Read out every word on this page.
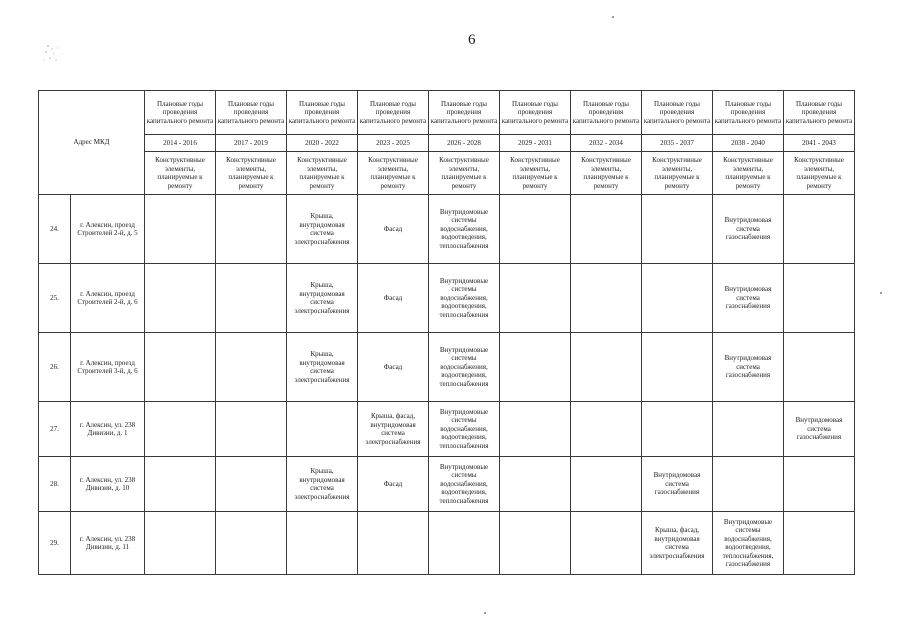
6
Адрес МКД		Плановые годы проведения капитального ремонта	Плановые годы проведения капитального ремонта	Плановые годы проведения капитального ремонта	Плановые годы проведения капитального ремонта	Плановые годы проведения капитального ремонта	Плановые годы проведения капитального ремонта	Плановые годы проведения капитального ремонта	Плановые годы проведения капитального ремонта	Плановые годы проведения капитального ремонта	Плановые годы проведения капитального ремонта
		2014 - 2016	2017 - 2019	2020 - 2022	2023 - 2025	2026 - 2028	2029 - 2031	2032 - 2034	2035 - 2037	2038 - 2040	2041 - 2043
		Конструктивные элементы, планируемые к ремонту	Конструктивные элементы, планируемые к ремонту	Конструктивные элементы, планируемые к ремонту	Конструктивные элементы, планируемые к ремонту	Конструктивные элементы, планируемые к ремонту	Конструктивные элементы, планируемые к ремонту	Конструктивные элементы, планируемые к ремонту	Конструктивные элементы, планируемые к ремонту	Конструктивные элементы, планируемые к ремонту	Конструктивные элементы, планируемые к ремонту
24.	г. Алексин, проезд Строителей 2-й, д. 5			Крыша, внутридомовая система электроснабжения	Фасад	Внутридомовые системы водоснабжения, водоотведения, теплоснабжения				Внутридомовая система газоснабжения	
25.	г. Алексин, проезд Строителей 2-й, д. 6			Крыша, внутридомовая система электроснабжения	Фасад	Внутридомовые системы водоснабжения, водоотведения, теплоснабжения				Внутридомовая система газоснабжения	
26.	г. Алексин, проезд Строителей 3-й, д. 6			Крыша, внутридомовая система электроснабжения	Фасад	Внутридомовые системы водоснабжения, водоотведения, теплоснабжения				Внутридомовая система газоснабжения	
27.	г. Алексин, ул. 238 Дивизии, д. 1				Крыша, фасад, внутридомовая система электроснабжения	Внутридомовые системы водоснабжения, водоотведения, теплоснабжения					Внутридомовая система газоснабжения
28.	г. Алексин, ул. 238 Дивизии, д. 10			Крыша, внутридомовая система электроснабжения	Фасад	Внутридомовые системы водоснабжения, водоотведения, теплоснабжения			Внутридомовая система газоснабжения		
29.	г. Алексин, ул. 238 Дивизии, д. 11								Крыша, фасад, внутридомовая система электроснабжения	Внутридомовые системы водоснабжения, водоотведения, теплоснабжения, газоснабжения	
